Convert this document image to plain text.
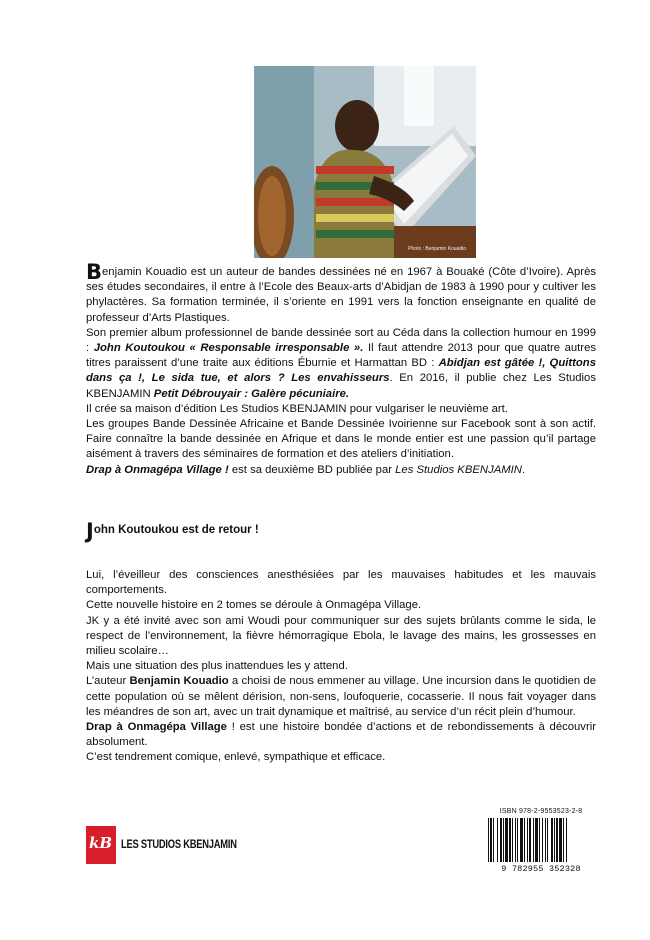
Photo : Benjamin Kouadio

Benjamin Kouadio est un auteur de bandes dessinées né en 1967 à Bouaké (Côte d’Ivoire). Après ses études secondaires, il entre à l’Ecole des Beaux-arts d’Abidjan de 1983 à 1990 pour y cultiver les phylactères. Sa formation terminée, il s’oriente en 1991 vers la fonction enseignante en qualité de professeur d’Arts Plastiques.

Son premier album professionnel de bande dessinée sort au Céda dans la collection humour en 1999 : John Koutoukou « Responsable irresponsable ». Il faut attendre 2013 pour que quatre autres titres paraissent d’une traite aux éditions Éburnie et Harmattan BD : Abidjan est gâtée !, Quittons dans ça !, Le sida tue, et alors ? Les envahisseurs. En 2016, il publie chez Les Studios KBENJAMIN Petit Débrouyair : Galère pécuniaire.

Il crée sa maison d’édition Les Studios KBENJAMIN pour vulgariser le neuvième art.

Les groupes Bande Dessinée Africaine et Bande Dessinée Ivoirienne sur Facebook sont à son actif. Faire connaître la bande dessinée en Afrique et dans le monde entier est une passion qu’il partage aisément à travers des séminaires de formation et des ateliers d’initiation.

Drap à Onmagépa Village ! est sa deuxième BD publiée par Les Studios KBENJAMIN.

John Koutoukou est de retour !

Lui, l’éveilleur des consciences anesthésiées par les mauvaises habitudes et les mauvais comportements.

Cette nouvelle histoire en 2 tomes se déroule à Onmagépa Village.

JK y a été invité avec son ami Woudi pour communiquer sur des sujets brûlants comme le sida, le respect de l’environnement, la fièvre hémorragique Ebola, le lavage des mains, les grossesses en milieu scolaire…

Mais une situation des plus inattendues les y attend.

L’auteur Benjamin Kouadio a choisi de nous emmener au village. Une incursion dans le quotidien de cette population où se mêlent dérision, non-sens, loufoquerie, cocasserie. Il nous fait voyager dans les méandres de son art, avec un trait dynamique et maîtrisé, au service d’un récit plein d’humour.

Drap à Onmagépa Village ! est une histoire bondée d’actions et de rebondissements à découvrir absolument.

C’est tendrement comique, enlevé, sympathique et efficace.

kB LES STUDIOS KBENJAMIN
ISBN 978-2-9553523-2-8
9 782955 352328
